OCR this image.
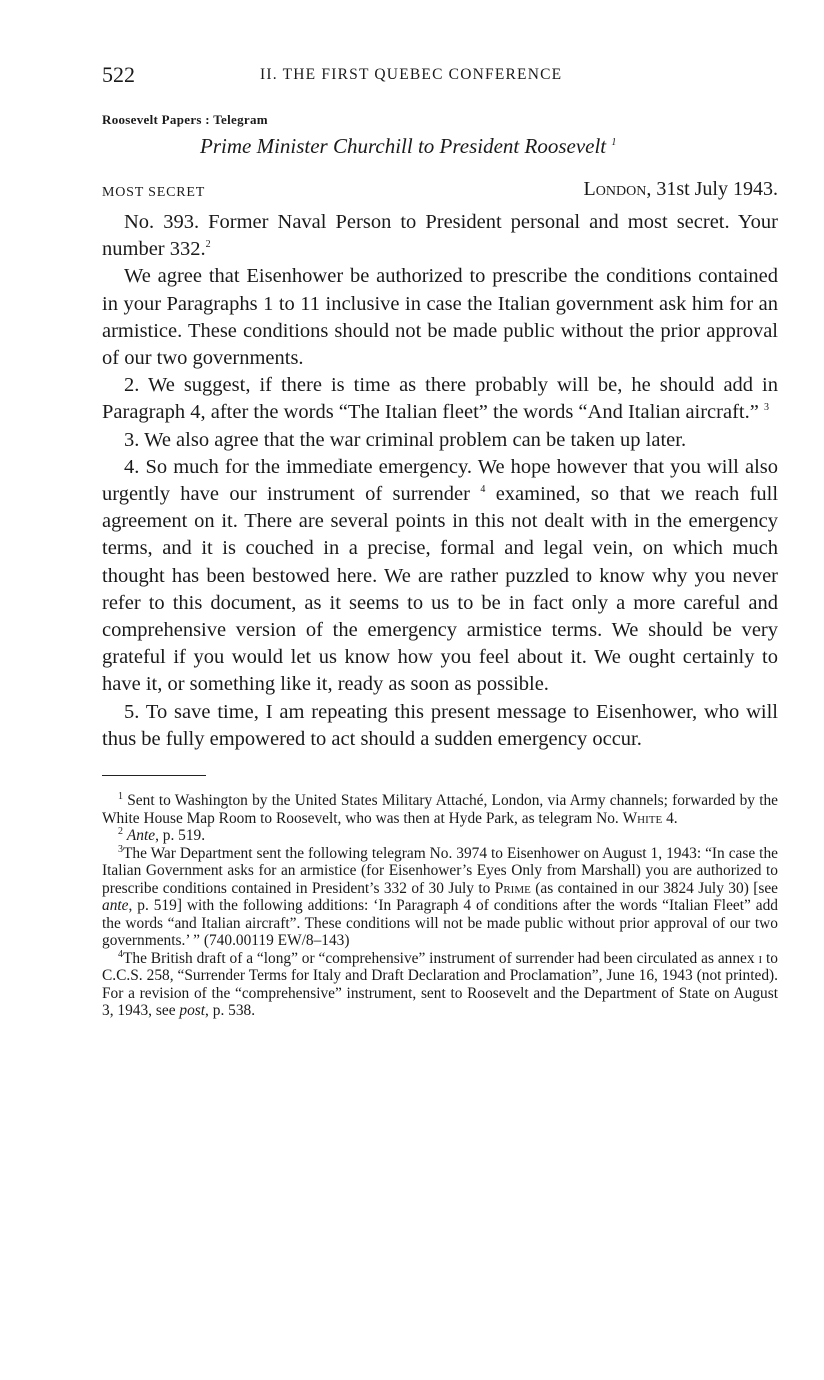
522	II. THE FIRST QUEBEC CONFERENCE
Roosevelt Papers : Telegram
Prime Minister Churchill to President Roosevelt $^1$
MOST SECRET	London, 31st July 1943.

No. 393. Former Naval Person to President personal and most secret. Your number 332.$^2$

We agree that Eisenhower be authorized to prescribe the conditions contained in your Paragraphs 1 to 11 inclusive in case the Italian government ask him for an armistice. These conditions should not be made public without the prior approval of our two governments.

2. We suggest, if there is time as there probably will be, he should add in Paragraph 4, after the words “The Italian fleet” the words “And Italian aircraft.” $^3$

3. We also agree that the war criminal problem can be taken up later.

4. So much for the immediate emergency. We hope however that you will also urgently have our instrument of surrender $^4$ examined, so that we reach full agreement on it. There are several points in this not dealt with in the emergency terms, and it is couched in a precise, formal and legal vein, on which much thought has been bestowed here. We are rather puzzled to know why you never refer to this document, as it seems to us to be in fact only a more careful and comprehensive version of the emergency armistice terms. We should be very grateful if you would let us know how you feel about it. We ought certainly to have it, or something like it, ready as soon as possible.

5. To save time, I am repeating this present message to Eisenhower, who will thus be fully empowered to act should a sudden emergency occur.

$^1$ Sent to Washington by the United States Military Attaché, London, via Army channels; forwarded by the White House Map Room to Roosevelt, who was then at Hyde Park, as telegram No. White 4.

$^2$ Ante, p. 519.

$^3$The War Department sent the following telegram No. 3974 to Eisenhower on August 1, 1943: “In case the Italian Government asks for an armistice (for Eisenhower’s Eyes Only from Marshall) you are authorized to prescribe conditions contained in President’s 332 of 30 July to Prime (as contained in our 3824 July 30) [see ante, p. 519] with the following additions: ‘In Paragraph 4 of conditions after the words “Italian Fleet” add the words “and Italian aircraft”. These conditions will not be made public without prior approval of our two governments.’ ” (740.00119 EW/8–143)

$^4$The British draft of a “long” or “comprehensive” instrument of surrender had been circulated as annex i to C.C.S. 258, “Surrender Terms for Italy and Draft Declaration and Proclamation”, June 16, 1943 (not printed). For a revision of the “comprehensive” instrument, sent to Roosevelt and the Department of State on August 3, 1943, see post, p. 538.
